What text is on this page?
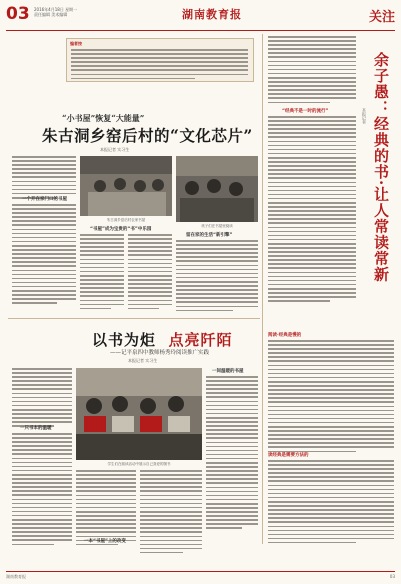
03 2016年4月18日 星期一
责任编辑 美术编辑	湖南教育报	关注
编者按
“小书屋”恢复“大能量”
朱古洞乡窑后村的“文化芯片”
本报记者 实习生
一个开在家门口的书屋
朱古洞乡窑后村农家书屋
“书屋”成为宝贵的“书”中乐园
孩子们在书屋里阅读
留在家的生活“新引擎”
以书为炬 点亮阡陌
——记平泉四中教师杨秀玲阅读推广实践
本报记者 实习生
一只书本的温暖
学生们在阅读活动中展示自己喜爱的图书
一本“书屋”上的改变
一间温暖的书屋
余子愚：经典的书·让人常读常新
本报记者
“经典不是一时的流行”
阅读·经典是慢的
读经典是需要方法的
湖南教育报	03
